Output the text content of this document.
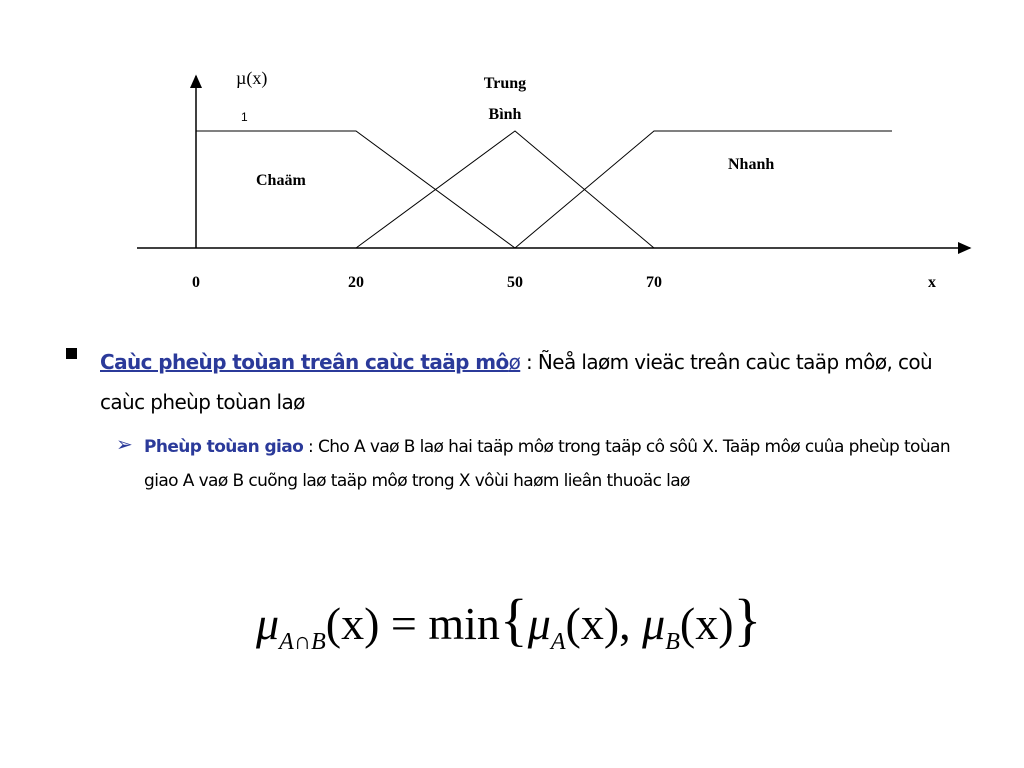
µ(x)
1
Chaäm
Trung
Bình
Nhanh
0	20	50	70	x
Caùc pheùp toùan treân caùc taäp môø : Ñeå laøm vieäc treân caùc taäp môø, coù caùc pheùp toùan laø
➢ Pheùp toùan giao : Cho A vaø B laø hai taäp môø trong taäp cô sôû X. Taäp môø cuûa pheùp toùan giao A vaø B cuõng laø taäp môø trong X vôùi haøm lieân thuoäc laø
$\mu_{A\cap B}(x) = \min\{\mu_A(x)$, $\mu_B(x)$}
